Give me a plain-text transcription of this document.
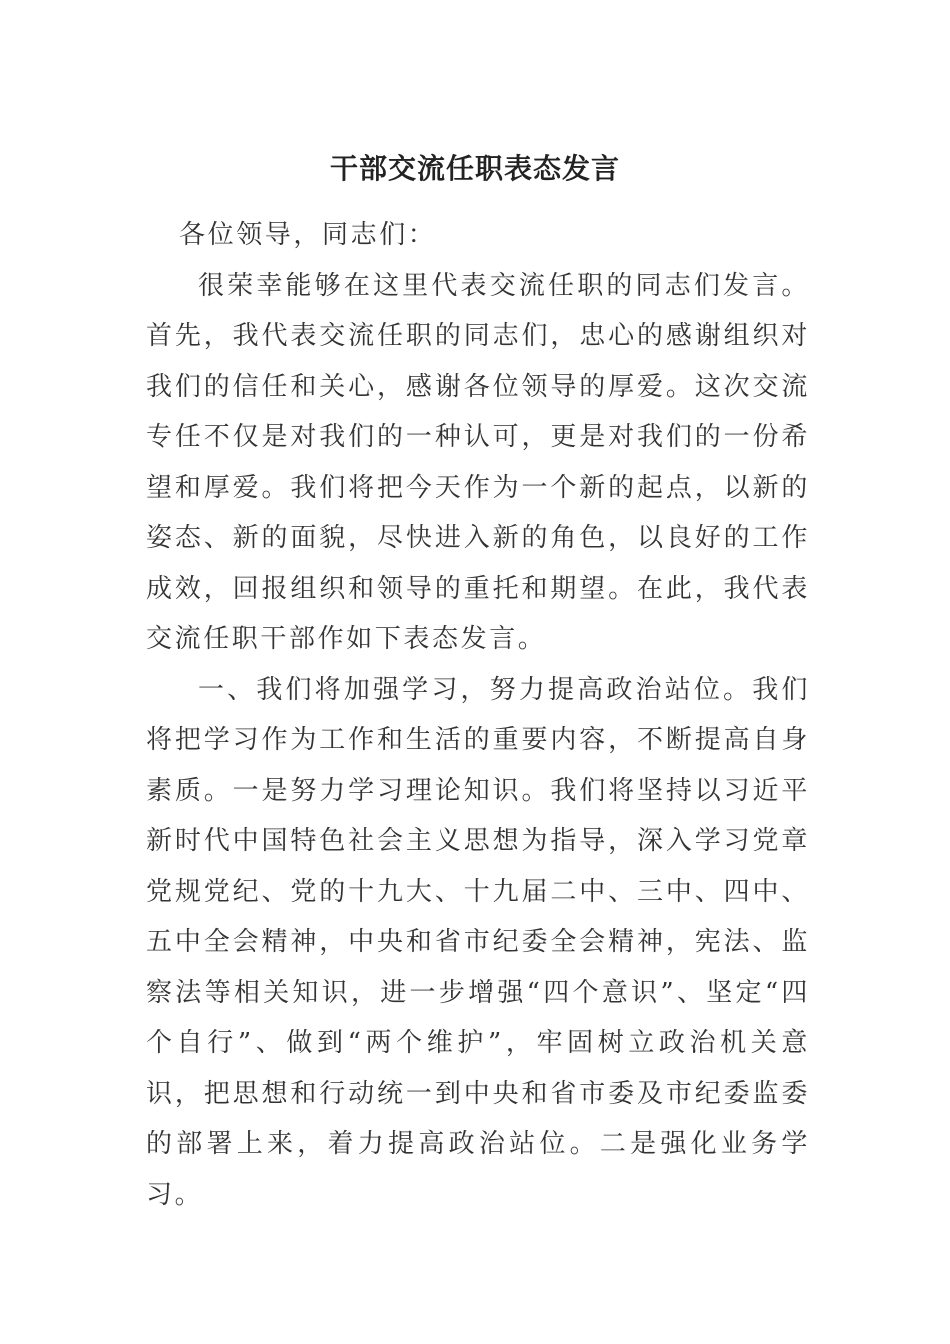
干部交流任职表态发言

各位领导，同志们：

很荣幸能够在这里代表交流任职的同志们发言。首先，我代表交流任职的同志们，忠心的感谢组织对我们的信任和关心，感谢各位领导的厚爱。这次交流专任不仅是对我们的一种认可，更是对我们的一份希望和厚爱。我们将把今天作为一个新的起点，以新的姿态、新的面貌，尽快进入新的角色，以良好的工作成效，回报组织和领导的重托和期望。在此，我代表交流任职干部作如下表态发言。

一、我们将加强学习，努力提高政治站位。我们将把学习作为工作和生活的重要内容，不断提高自身素质。一是努力学习理论知识。我们将坚持以习近平新时代中国特色社会主义思想为指导，深入学习党章党规党纪、党的十九大、十九届二中、三中、四中、五中全会精神，中央和省市纪委全会精神，宪法、监察法等相关知识，进一步增强“四个意识”、坚定“四个自行”、做到“两个维护”，牢固树立政治机关意识，把思想和行动统一到中央和省市委及市纪委监委的部署上来，着力提高政治站位。二是强化业务学习。
